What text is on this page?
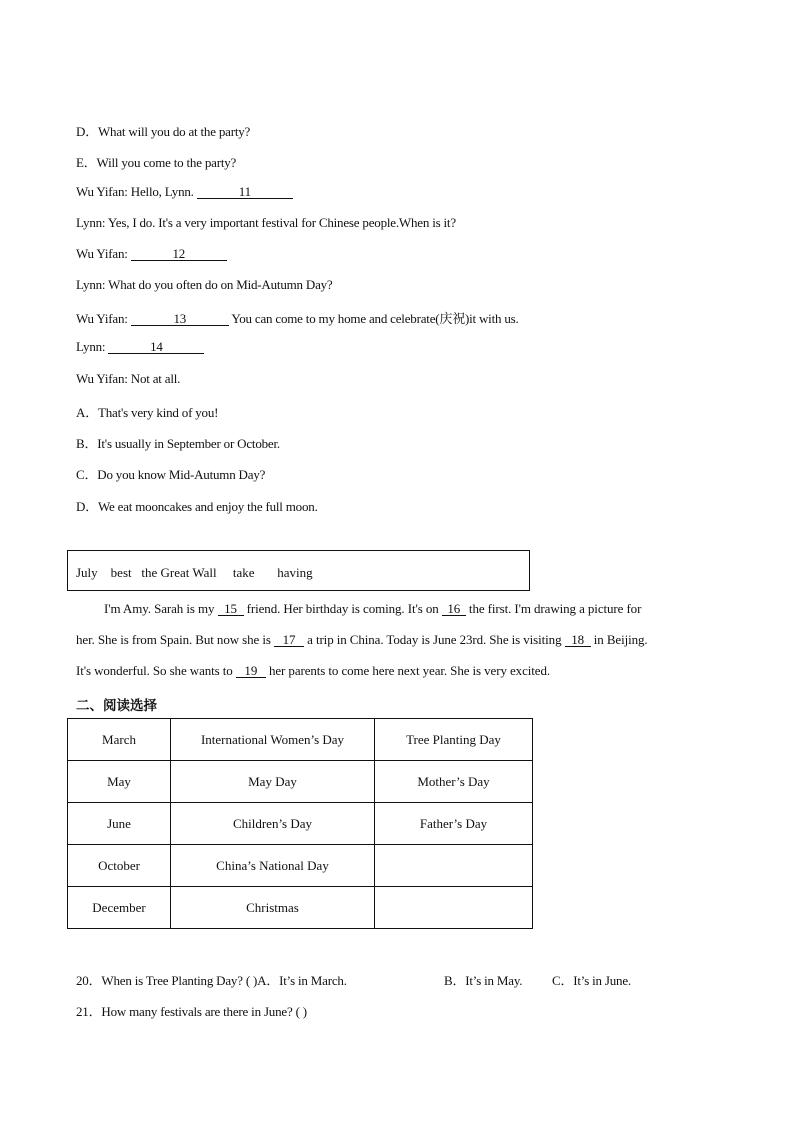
D．What will you do at the party?
E．Will you come to the party?
Wu Yifan: Hello, Lynn.	11
Lynn: Yes, I do. It's a very important festival for Chinese people.When is it?
Wu Yifan:	12
Lynn: What do you often do on Mid-Autumn Day?
Wu Yifan:	13	You can come to my home and celebrate(庆祝)it with us.
Lynn:	14
Wu Yifan: Not at all.
A．That's very kind of you!
B．It's usually in September or October.
C．Do you know Mid-Autumn Day?
D．We eat mooncakes and enjoy the full moon.
July    best   the Great Wall     take       having
I'm Amy. Sarah is my 15 friend. Her birthday is coming. It's on 16 the first. I'm drawing a picture for
her. She is from Spain. But now she is 17 a trip in China. Today is June 23rd. She is visiting 18 in Beijing.
It's wonderful. So she wants to 19 her parents to come here next year. She is very excited.
二、阅读选择
March	International Women’s Day	Tree Planting Day
May	May Day	Mother’s Day
June	Children’s Day	Father’s Day
October	China’s National Day	
December	Christmas	
20．When is Tree Planting Day? ( )A．It’s in March.	B．It’s in May. C．It’s in June.
21．How many festivals are there in June? ( )
